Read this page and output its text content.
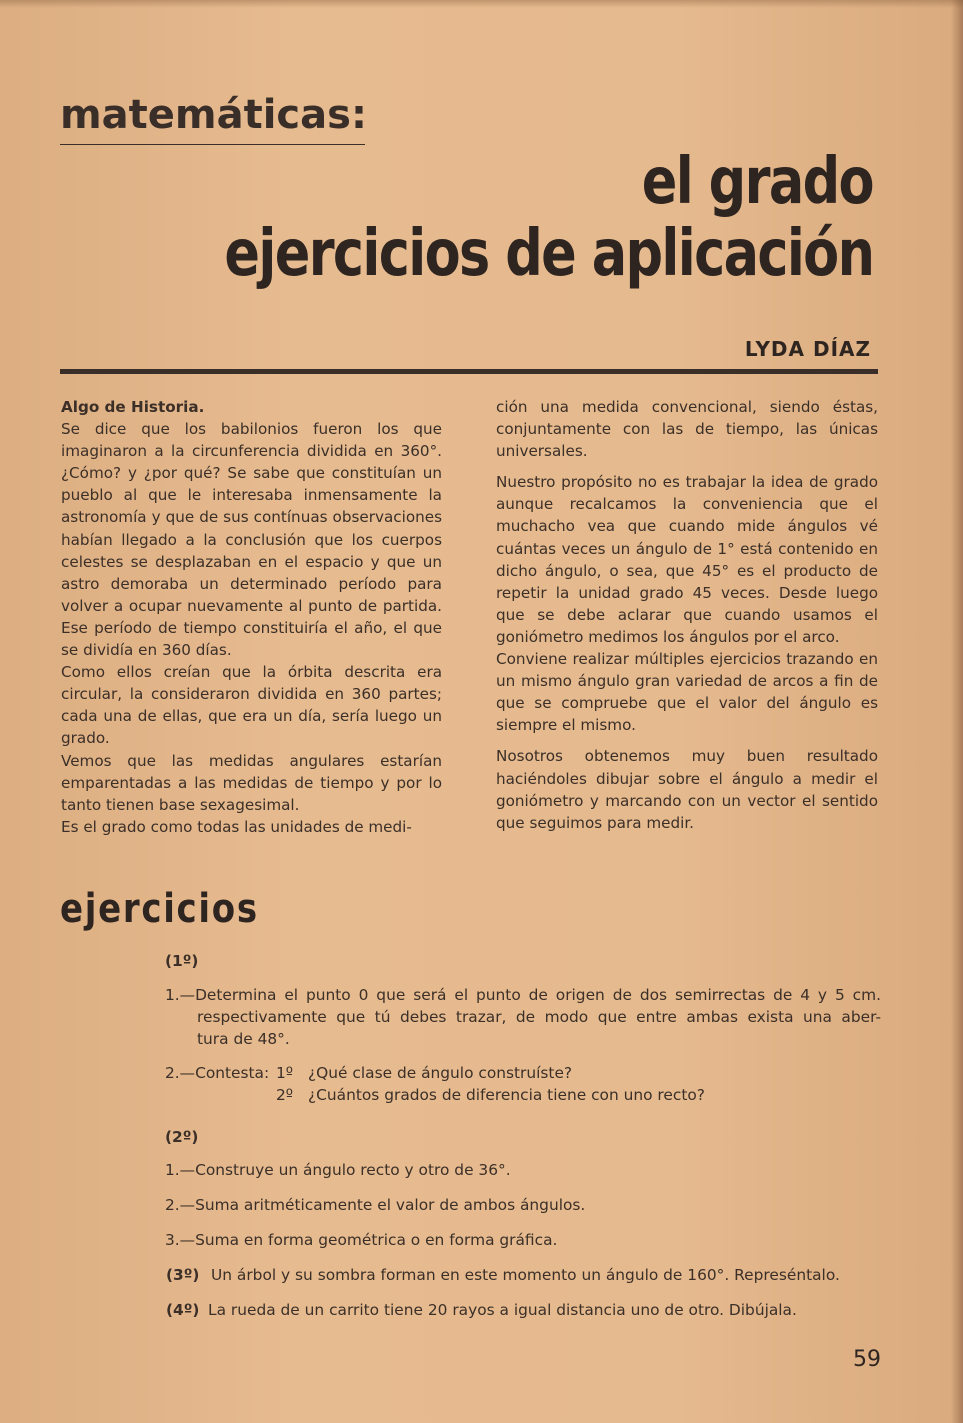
matemáticas:
el grado
ejercicios de aplicación
LYDA DÍAZ

Algo de Historia.

Se dice que los babilonios fueron los que imaginaron a la circunferencia dividida en 360°. ¿Cómo? y ¿por qué? Se sabe que constituían un pueblo al que le interesaba inmensamente la astronomía y que de sus contínuas observaciones habían llegado a la conclusión que los cuerpos celestes se desplazaban en el espacio y que un astro demoraba un determinado período para volver a ocupar nuevamente al punto de partida. Ese período de tiempo constituiría el año, el que se dividía en 360 días.

Como ellos creían que la órbita descrita era circular, la consideraron dividida en 360 partes; cada una de ellas, que era un día, sería luego un grado.

Vemos que las medidas angulares estarían emparentadas a las medidas de tiempo y por lo tanto tienen base sexagesimal.

Es el grado como todas las unidades de medi-

ción una medida convencional, siendo éstas, conjuntamente con las de tiempo, las únicas universales.

Nuestro propósito no es trabajar la idea de grado aunque recalcamos la conveniencia que el muchacho vea que cuando mide ángulos vé cuántas veces un ángulo de 1° está contenido en dicho ángulo, o sea, que 45° es el producto de repetir la unidad grado 45 veces. Desde luego que se debe aclarar que cuando usamos el goniómetro medimos los ángulos por el arco.

Conviene realizar múltiples ejercicios trazando en un mismo ángulo gran variedad de arcos a fin de que se compruebe que el valor del ángulo es siempre el mismo.

Nosotros obtenemos muy buen resultado haciéndoles dibujar sobre el ángulo a medir el goniómetro y marcando con un vector el sentido que seguimos para medir.

ejercicios
(1º)
1.—Determina el punto 0 que será el punto de origen de dos semirrectas de 4 y 5 cm.
respectivamente que tú debes trazar, de modo que entre ambas exista una aber-
tura de 48°.
2.—Contesta: 1º ¿Qué clase de ángulo construíste?
2º ¿Cuántos grados de diferencia tiene con uno recto?
(2º)
1.—Construye un ángulo recto y otro de 36°.
2.—Suma aritméticamente el valor de ambos ángulos.
3.—Suma en forma geométrica o en forma gráfica.
(3º) Un árbol y su sombra forman en este momento un ángulo de 160°. Represéntalo.
(4º) La rueda de un carrito tiene 20 rayos a igual distancia uno de otro. Dibújala.
59
